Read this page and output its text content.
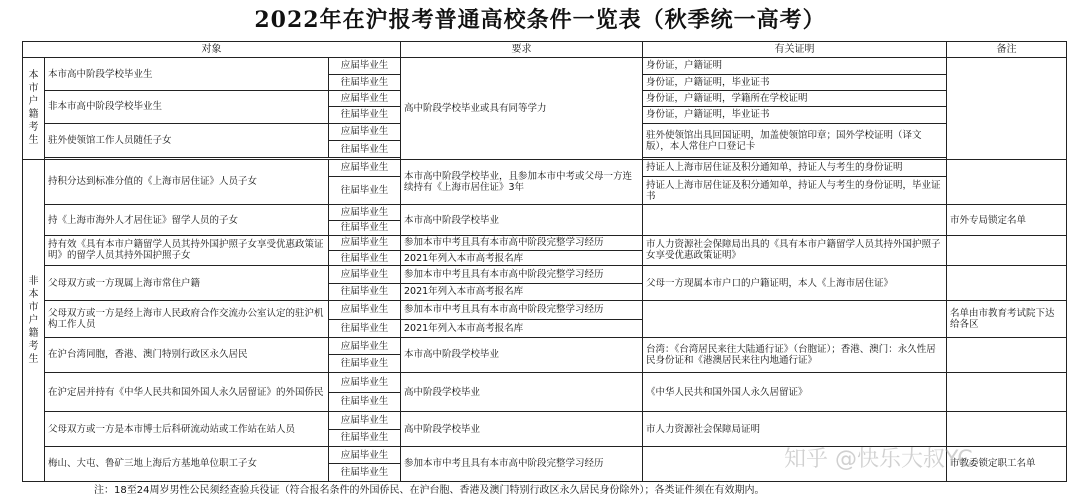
2022年在沪报考普通高校条件一览表（秋季统一高考）
对象			要求	有关证明	备注
本市户籍考生	本市高中阶段学校毕业生	应届毕业生	高中阶段学校毕业或具有同等学力	身份证，户籍证明	
		往届毕业生		身份证，户籍证明，毕业证书	
	非本市高中阶段学校毕业生	应届毕业生		身份证，户籍证明，学籍所在学校证明	
		往届毕业生		身份证，户籍证明，毕业证书	
	驻外使领馆工作人员随任子女	应届毕业生		驻外使领馆出具回国证明，加盖使领馆印章；国外学校证明（译文版），本人常住户口登记卡	
		往届毕业生			

非本市户籍考生	持积分达到标准分值的《上海市居住证》人员子女	应届毕业生	本市高中阶段学校毕业，且参加本市中考或父母一方连续持有《上海市居住证》3年	持证人上海市居住证及积分通知单，持证人与考生的身份证明	
		往届毕业生		持证人上海市居住证及积分通知单，持证人与考生的身份证明，毕业证书	
	持《上海市海外人才居住证》留学人员的子女	应届毕业生	本市高中阶段学校毕业		市外专局锁定名单
		往届毕业生			
	持有效《具有本市户籍留学人员其持外国护照子女享受优惠政策证明》的留学人员其持外国护照子女	应届毕业生	参加本市中考且具有本市高中阶段完整学习经历	市人力资源社会保障局出具的《具有本市户籍留学人员其持外国护照子女享受优惠政策证明》	
		往届毕业生	2021年列入本市高考报名库		
	父母双方或一方现属上海市常住户籍	应届毕业生	参加本市中考且具有本市高中阶段完整学习经历	父母一方现属本市户口的户籍证明，本人《上海市居住证》	
		往届毕业生	2021年列入本市高考报名库		
	父母双方或一方是经上海市人民政府合作交流办公室认定的驻沪机构工作人员	应届毕业生	参加本市中考且具有本市高中阶段完整学习经历		名单由市教育考试院下达给各区
		往届毕业生	2021年列入本市高考报名库		
	在沪台湾同胞，香港、澳门特别行政区永久居民	应届毕业生	本市高中阶段学校毕业	台湾：《台湾居民来往大陆通行证》（台胞证）；香港、澳门：永久性居民身份证和《港澳居民来往内地通行证》	
		往届毕业生			
	在沪定居并持有《中华人民共和国外国人永久居留证》的外国侨民	应届毕业生	高中阶段学校毕业	《中华人民共和国外国人永久居留证》	
		往届毕业生			
	父母双方或一方是本市博士后科研流动站或工作站在站人员	应届毕业生	高中阶段学校毕业	市人力资源社会保障局证明	
		往届毕业生			
	梅山、大屯、鲁矿三地上海后方基地单位职工子女	应届毕业生	参加本市中考且具有本市高中阶段完整学习经历		市教委锁定职工名单
		往届毕业生			
知乎 @快乐大叔YC
注：18至24周岁男性公民须经查验兵役证（符合报名条件的外国侨民、在沪台胞、香港及澳门特别行政区永久居民身份除外）；各类证件须在有效期内。
